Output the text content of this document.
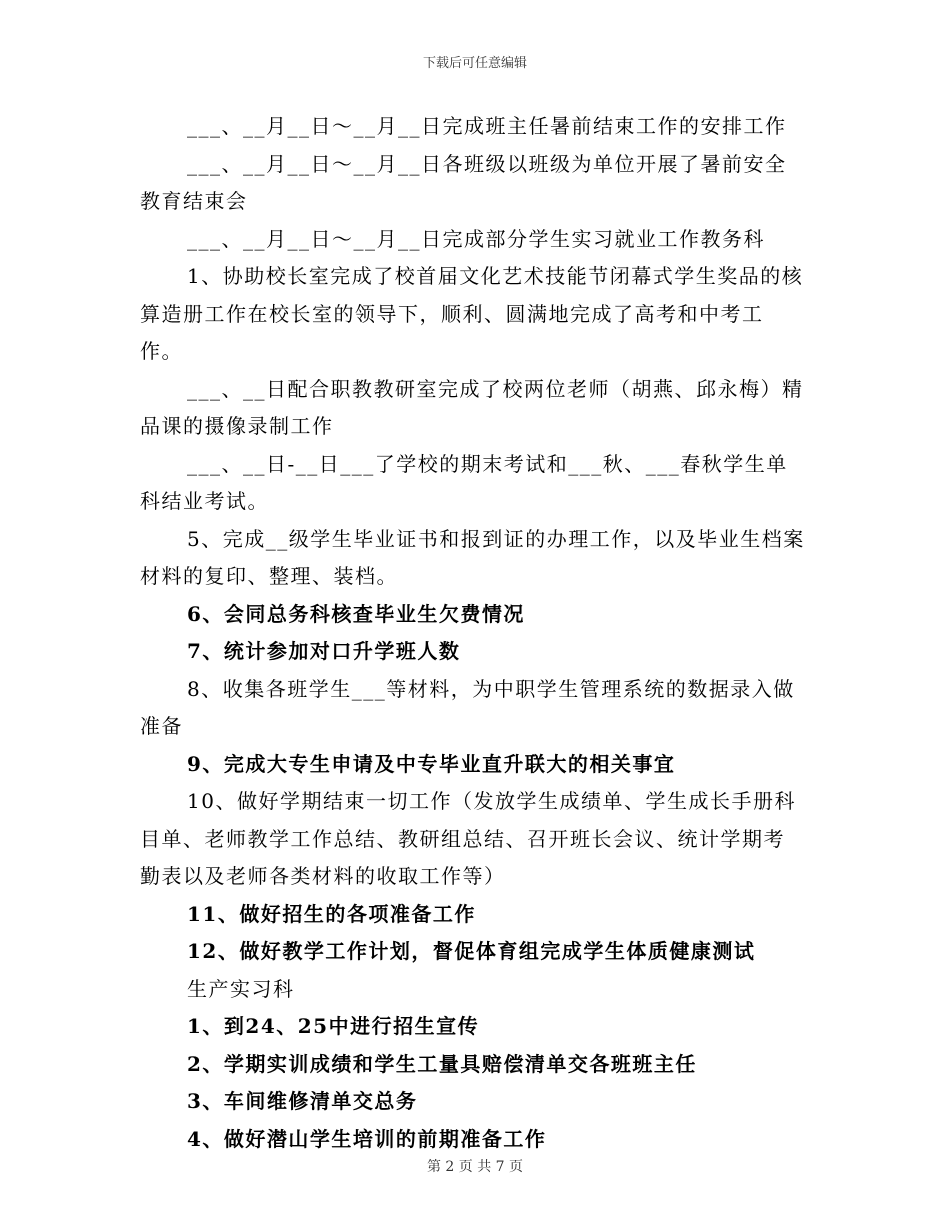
下载后可任意编辑

___、__月__日～__月__日完成班主任暑前结束工作的安排工作

___、__月__日～__月__日各班级以班级为单位开展了暑前安全教育结束会

___、__月__日～__月__日完成部分学生实习就业工作教务科

1、协助校长室完成了校首届文化艺术技能节闭幕式学生奖品的核算造册工作在校长室的领导下，顺利、圆满地完成了高考和中考工作。

___、__日配合职教教研室完成了校两位老师（胡燕、邱永梅）精品课的摄像录制工作

___、__日-__日___了学校的期末考试和___秋、___春秋学生单科结业考试。

5、完成__级学生毕业证书和报到证的办理工作，以及毕业生档案材料的复印、整理、装档。

6、会同总务科核查毕业生欠费情况

7、统计参加对口升学班人数

8、收集各班学生___等材料，为中职学生管理系统的数据录入做准备

9、完成大专生申请及中专毕业直升联大的相关事宜

10、做好学期结束一切工作（发放学生成绩单、学生成长手册科目单、老师教学工作总结、教研组总结、召开班长会议、统计学期考勤表以及老师各类材料的收取工作等）

11、做好招生的各项准备工作

12、做好教学工作计划，督促体育组完成学生体质健康测试

生产实习科

1、到24、25中进行招生宣传

2、学期实训成绩和学生工量具赔偿清单交各班班主任

3、车间维修清单交总务

4、做好潜山学生培训的前期准备工作

第 2 页 共 7 页
